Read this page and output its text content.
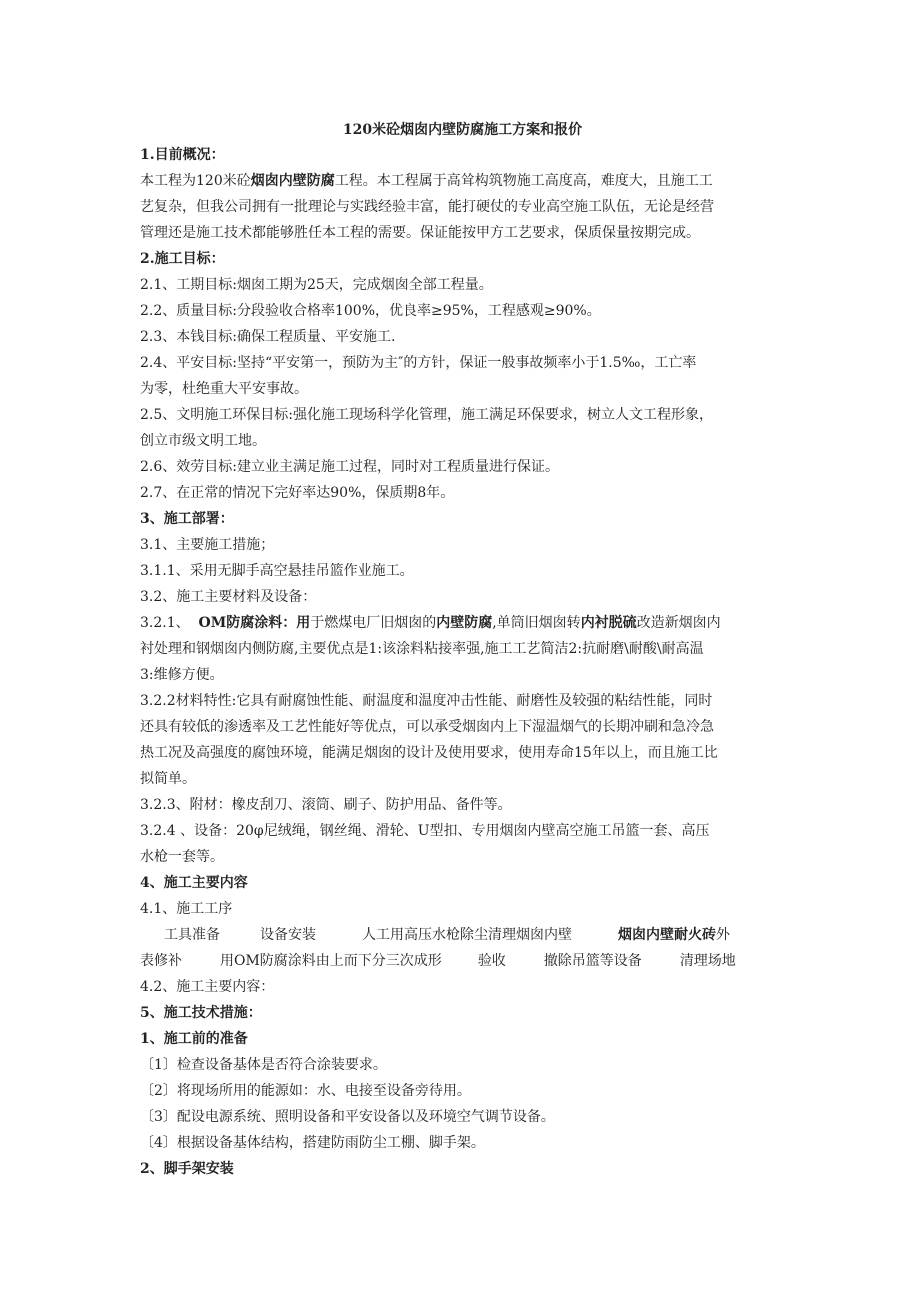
120米砼烟囱内壁防腐施工方案和报价
1.目前概况：
本工程为120米砼烟囱内壁防腐工程。本工程属于高耸构筑物施工高度高，难度大，且施工工
艺复杂，但我公司拥有一批理论与实践经验丰富，能打硬仗的专业高空施工队伍，无论是经营
管理还是施工技术都能够胜任本工程的需要。保证能按甲方工艺要求，保质保量按期完成。
2.施工目标：
2.1、工期目标:烟囱工期为25天，完成烟囱全部工程量。
2.2、质量目标:分段验收合格率100%，优良率≥95%，工程感观≥90%。
2.3、本钱目标:确保工程质量、平安施工.
2.4、平安目标:坚持“平安第一，预防为主″的方针，保证一般事故频率小于1.5‰，工亡率
为零，杜绝重大平安事故。
2.5、文明施工环保目标:强化施工现场科学化管理，施工满足环保要求，树立人文工程形象，
创立市级文明工地。
2.6、效劳目标:建立业主满足施工过程，同时对工程质量进行保证。
2.7、在正常的情况下完好率达90%，保质期8年。
3、施工部署：
3.1、主要施工措施；
3.1.1、采用无脚手高空悬挂吊篮作业施工。
3.2、施工主要材料及设备：
3.2.1、 OM防腐涂料：用于燃煤电厂旧烟囱的内壁防腐,单筒旧烟囱转内衬脱硫改造新烟囱内
衬处理和钢烟囱内侧防腐,主要优点是1:该涂料粘接率强,施工工艺简洁2:抗耐磨\耐酸\耐高温
3:维修方便。
3.2.2材料特性:它具有耐腐蚀性能、耐温度和温度冲击性能、耐磨性及较强的粘结性能，同时
还具有较低的渗透率及工艺性能好等优点，可以承受烟囱内上下湿温烟气的长期冲刷和急冷急
热工况及高强度的腐蚀环境，能满足烟囱的设计及使用要求，使用寿命15年以上，而且施工比
拟简单。
3.2.3、附材：橡皮刮刀、滚筒、刷子、防护用品、备件等。
3.2.4 、设备：20φ尼绒绳，钢丝绳、滑轮、U型扣、专用烟囱内壁高空施工吊篮一套、高压
水枪一套等。
4、施工主要内容
4.1、施工工序
工具准备	设备安装	人工用高压水枪除尘清理烟囱内壁	烟囱内壁耐火砖外
表修补	用OM防腐涂料由上而下分三次成形	验收	撤除吊篮等设备	清理场地
4.2、施工主要内容：
5、施工技术措施：
1、施工前的准备
〔1〕检查设备基体是否符合涂装要求。
〔2〕将现场所用的能源如：水、电接至设备旁待用。
〔3〕配设电源系统、照明设备和平安设备以及环境空气调节设备。
〔4〕根据设备基体结构，搭建防雨防尘工棚、脚手架。
2、脚手架安装
